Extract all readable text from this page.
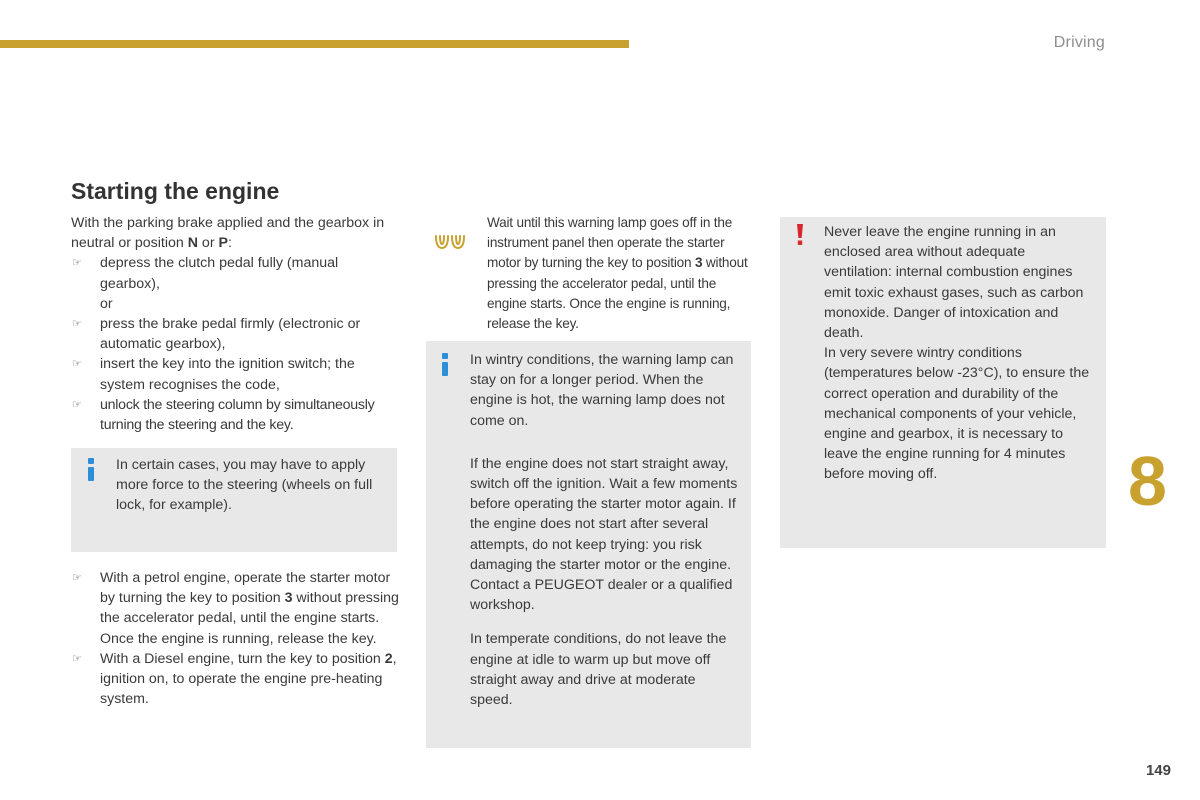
Driving
Starting the engine

With the parking brake applied and the gearbox in neutral or position N or P:

☞ depress the clutch pedal fully (manual gearbox),
or
☞ press the brake pedal firmly (electronic or automatic gearbox),
☞ insert the key into the ignition switch; the system recognises the code,
☞ unlock the steering column by simultaneously turning the steering and the key.

In certain cases, you may have to apply more force to the steering (wheels on full lock, for example).

☞ With a petrol engine, operate the starter motor by turning the key to position 3 without pressing the accelerator pedal, until the engine starts. Once the engine is running, release the key.
☞ With a Diesel engine, turn the key to position 2, ignition on, to operate the engine pre-heating system.

Wait until this warning lamp goes off in the instrument panel then operate the starter motor by turning the key to position 3 without pressing the accelerator pedal, until the engine starts. Once the engine is running, release the key.

In wintry conditions, the warning lamp can stay on for a longer period. When the engine is hot, the warning lamp does not come on.

If the engine does not start straight away, switch off the ignition. Wait a few moments before operating the starter motor again. If the engine does not start after several attempts, do not keep trying: you risk damaging the starter motor or the engine. Contact a PEUGEOT dealer or a qualified workshop.

In temperate conditions, do not leave the engine at idle to warm up but move off straight away and drive at moderate speed.

Never leave the engine running in an enclosed area without adequate ventilation: internal combustion engines emit toxic exhaust gases, such as carbon monoxide. Danger of intoxication and death.

In very severe wintry conditions (temperatures below -23°C), to ensure the correct operation and durability of the mechanical components of your vehicle, engine and gearbox, it is necessary to leave the engine running for 4 minutes before moving off.	8
149
